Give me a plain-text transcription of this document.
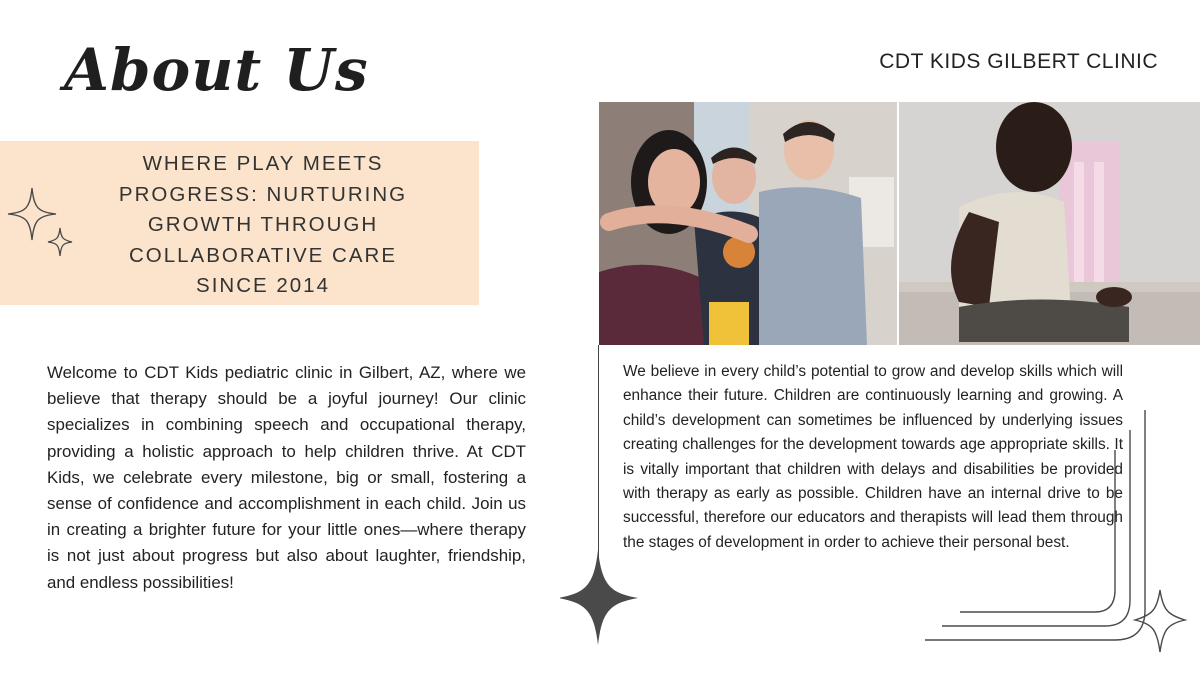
About Us	CDT KIDS GILBERT CLINIC
WHERE PLAY MEETS PROGRESS: NURTURING GROWTH THROUGH COLLABORATIVE CARE SINCE 2014

Welcome to CDT Kids pediatric clinic in Gilbert, AZ, where we believe that therapy should be a joyful journey! Our clinic specializes in combining speech and occupational therapy, providing a holistic approach to help children thrive. At CDT Kids, we celebrate every milestone, big or small, fostering a sense of confidence and accomplishment in each child. Join us in creating a brighter future for your little ones—where therapy is not just about progress but also about laughter, friendship, and endless possibilities!

We believe in every child’s potential to grow and develop skills which will enhance their future. Children are continuously learning and growing. A child’s development can sometimes be influenced by underlying issues creating challenges for the development towards age appropriate skills. It is vitally important that children with delays and disabilities be provided with therapy as early as possible. Children have an internal drive to be successful, therefore our educators and therapists will lead them through the stages of development in order to achieve their personal best.
